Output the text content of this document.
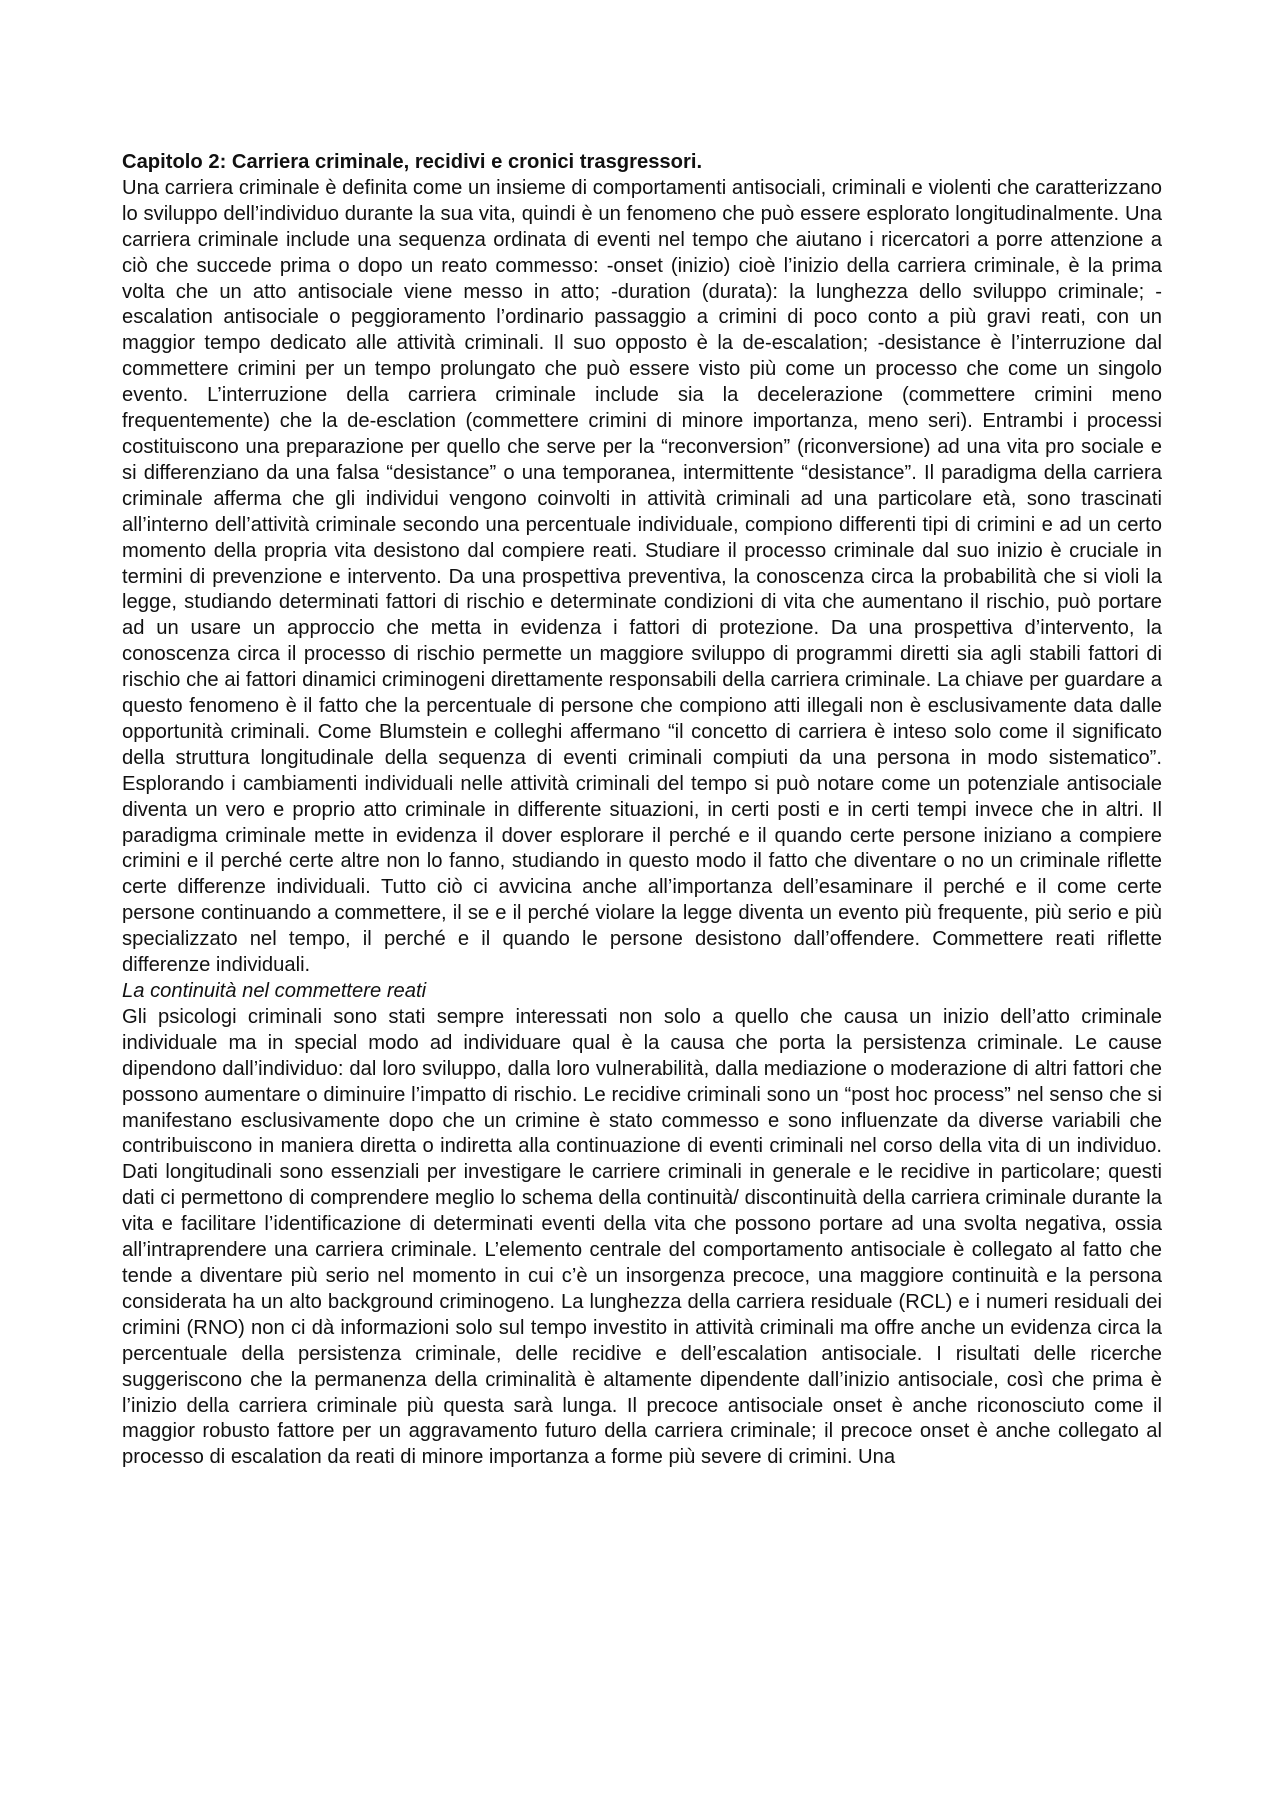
Capitolo 2: Carriera criminale, recidivi e cronici trasgressori.

Una carriera criminale è definita come un insieme di comportamenti antisociali, criminali e violenti che caratterizzano lo sviluppo dell’individuo durante la sua vita, quindi è un fenomeno che può essere esplorato longitudinalmente. Una carriera criminale include una sequenza ordinata di eventi nel tempo che aiutano i ricercatori a porre attenzione a ciò che succede prima o dopo un reato commesso: -onset (inizio) cioè l’inizio della carriera criminale, è la prima volta che un atto antisociale viene messo in atto; -duration (durata): la lunghezza dello sviluppo criminale; -escalation antisociale o peggioramento l’ordinario passaggio a crimini di poco conto a più gravi reati, con un maggior tempo dedicato alle attività criminali. Il suo opposto è la de-escalation; -desistance è l’interruzione dal commettere crimini per un tempo prolungato che può essere visto più come un processo che come un singolo evento. L’interruzione della carriera criminale include sia la decelerazione (commettere crimini meno frequentemente) che la de-esclation (commettere crimini di minore importanza, meno seri). Entrambi i processi costituiscono una preparazione per quello che serve per la “reconversion” (riconversione) ad una vita pro sociale e si differenziano da una falsa “desistance” o una temporanea, intermittente “desistance”. Il paradigma della carriera criminale afferma che gli individui vengono coinvolti in attività criminali ad una particolare età, sono trascinati all’interno dell’attività criminale secondo una percentuale individuale, compiono differenti tipi di crimini e ad un certo momento della propria vita desistono dal compiere reati. Studiare il processo criminale dal suo inizio è cruciale in termini di prevenzione e intervento. Da una prospettiva preventiva, la conoscenza circa la probabilità che si violi la legge, studiando determinati fattori di rischio e determinate condizioni di vita che aumentano il rischio, può portare ad un usare un approccio che metta in evidenza i fattori di protezione. Da una prospettiva d’intervento, la conoscenza circa il processo di rischio permette un maggiore sviluppo di programmi diretti sia agli stabili fattori di rischio che ai fattori dinamici criminogeni direttamente responsabili della carriera criminale. La chiave per guardare a questo fenomeno è il fatto che la percentuale di persone che compiono atti illegali non è esclusivamente data dalle opportunità criminali. Come Blumstein e colleghi affermano “il concetto di carriera è inteso solo come il significato della struttura longitudinale della sequenza di eventi criminali compiuti da una persona in modo sistematico”. Esplorando i cambiamenti individuali nelle attività criminali del tempo si può notare come un potenziale antisociale diventa un vero e proprio atto criminale in differente situazioni, in certi posti e in certi tempi invece che in altri. Il paradigma criminale mette in evidenza il dover esplorare il perché e il quando certe persone iniziano a compiere crimini e il perché certe altre non lo fanno, studiando in questo modo il fatto che diventare o no un criminale riflette certe differenze individuali. Tutto ciò ci avvicina anche all’importanza dell’esaminare il perché e il come certe persone continuando a commettere, il se e il perché violare la legge diventa un evento più frequente, più serio e più specializzato nel tempo, il perché e il quando le persone desistono dall’offendere. Commettere reati riflette differenze individuali.

La continuità nel commettere reati

Gli psicologi criminali sono stati sempre interessati non solo a quello che causa un inizio dell’atto criminale individuale ma in special modo ad individuare qual è la causa che porta la persistenza criminale. Le cause dipendono dall’individuo: dal loro sviluppo, dalla loro vulnerabilità, dalla mediazione o moderazione di altri fattori che possono aumentare o diminuire l’impatto di rischio. Le recidive criminali sono un “post hoc process” nel senso che si manifestano esclusivamente dopo che un crimine è stato commesso e sono influenzate da diverse variabili che contribuiscono in maniera diretta o indiretta alla continuazione di eventi criminali nel corso della vita di un individuo. Dati longitudinali sono essenziali per investigare le carriere criminali in generale e le recidive in particolare; questi dati ci permettono di comprendere meglio lo schema della continuità/ discontinuità della carriera criminale durante la vita e facilitare l’identificazione di determinati eventi della vita che possono portare ad una svolta negativa, ossia all’intraprendere una carriera criminale. L’elemento centrale del comportamento antisociale è collegato al fatto che tende a diventare più serio nel momento in cui c’è un insorgenza precoce, una maggiore continuità e la persona considerata ha un alto background criminogeno. La lunghezza della carriera residuale (RCL) e i numeri residuali dei crimini (RNO) non ci dà informazioni solo sul tempo investito in attività criminali ma offre anche un evidenza circa la percentuale della persistenza criminale, delle recidive e dell’escalation antisociale. I risultati delle ricerche suggeriscono che la permanenza della criminalità è altamente dipendente dall’inizio antisociale, così che prima è l’inizio della carriera criminale più questa sarà lunga. Il precoce antisociale onset è anche riconosciuto come il maggior robusto fattore per un aggravamento futuro della carriera criminale; il precoce onset è anche collegato al processo di escalation da reati di minore importanza a forme più severe di crimini. Una
